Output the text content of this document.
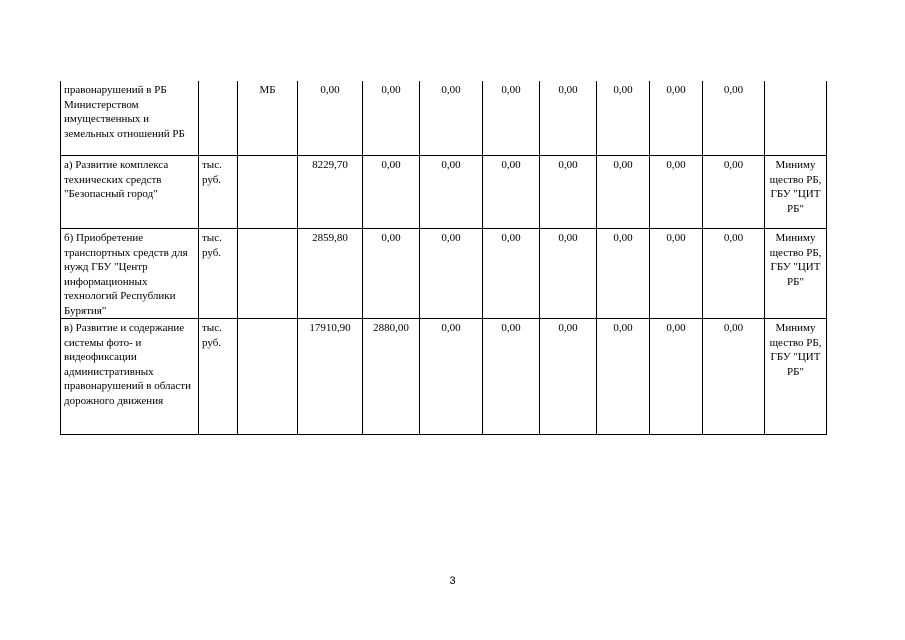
правонарушений в РБ Министерством имущественных и земельных отношений РБ		МБ	0,00	0,00	0,00	0,00	0,00	0,00	0,00	0,00	
а) Развитие комплекса технических средств "Безопасный город"	тыс. руб.		8229,70	0,00	0,00	0,00	0,00	0,00	0,00	0,00	Миниму щество РБ, ГБУ "ЦИТ РБ"
б) Приобретение транспортных средств для нужд ГБУ "Центр информационных технологий Республики Бурятия"	тыс. руб.		2859,80	0,00	0,00	0,00	0,00	0,00	0,00	0,00	Миниму щество РБ, ГБУ "ЦИТ РБ"
в) Развитие и содержание системы фото- и видеофиксации административных правонарушений в области дорожного движения	тыс. руб.		17910,90	2880,00	0,00	0,00	0,00	0,00	0,00	0,00	Миниму щество РБ, ГБУ "ЦИТ РБ"
3
